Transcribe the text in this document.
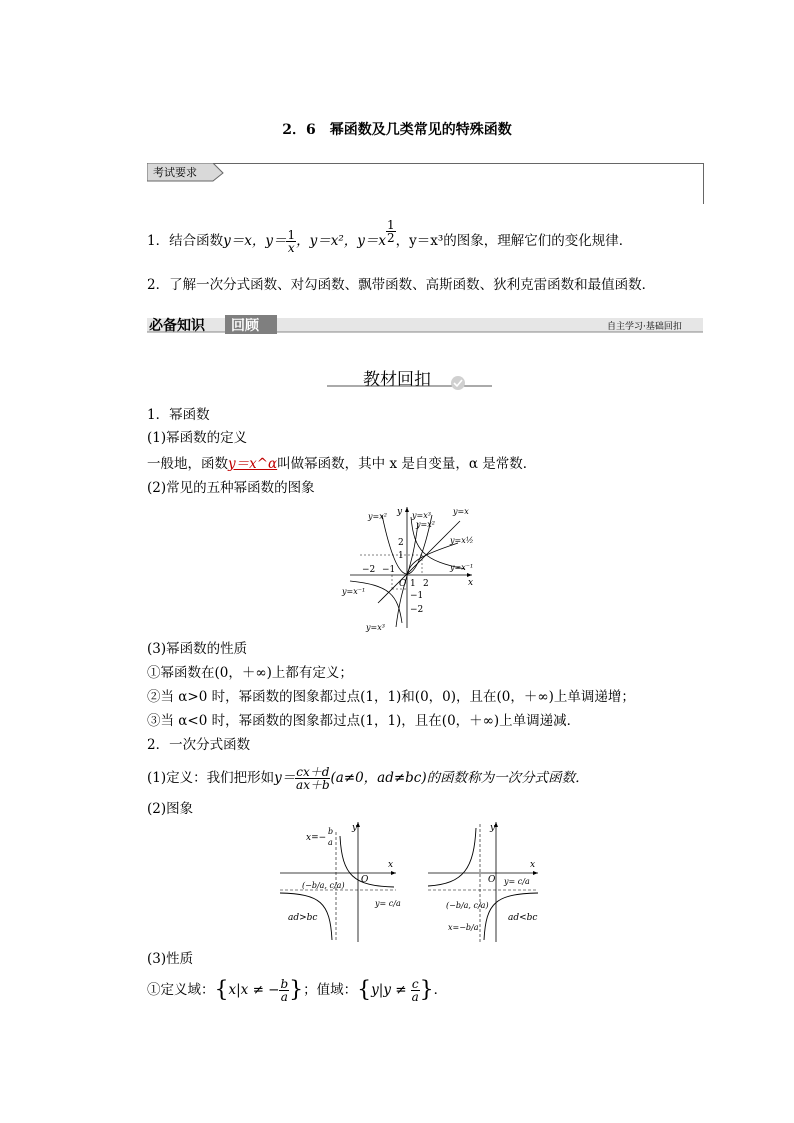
2．6　幂函数及几类常见的特殊函数
考试要求
1．结合函数y＝x，$y= \frac{1}{x}$ ，y＝x²，$y=x \frac{1}{2}$ ，y＝x³的图象，理解它们的变化规律．
2．了解一次分式函数、对勾函数、飘带函数、高斯函数、狄利克雷函数和最值函数．
必备知识 回顾	自主学习·基础回扣
教材回扣
1．幂函数
(1)幂函数的定义
一般地，函数y＝x^α叫做幂函数，其中 x 是自变量，α 是常数．
(2)常见的五种幂函数的图象
y=x² y y=x³	y=x
y=x²
y=x½
y=x⁻¹
y=x⁻¹
y=x³
2
1
−2 −1
O 1 2	x
−1
−2
(3)幂函数的性质
①幂函数在(0，＋∞)上都有定义；
②当 α>0 时，幂函数的图象都过点(1，1)和(0，0)，且在(0，＋∞)上单调递增；
③当 α<0 时，幂函数的图象都过点(1，1)，且在(0，＋∞)上单调递减．
2．一次分式函数
(1)定义：我们把形如$y= \frac{cx+d}{ax+b} (a\ne 0$，ad≠bc)的函数称为一次分式函数．
(2)图象
x=−
b
a
y
x
O
(−b/a, c/a)
y= c/a
ad>bc
y
x
O y= c/a
(−b/a, c/a)
x=−b/a
ad<bc
(3)性质
①定义域：{x|x ≠ − $\frac{b}{a}$ }；值域：{$y|y \ne \frac{c}{a}$ }．
